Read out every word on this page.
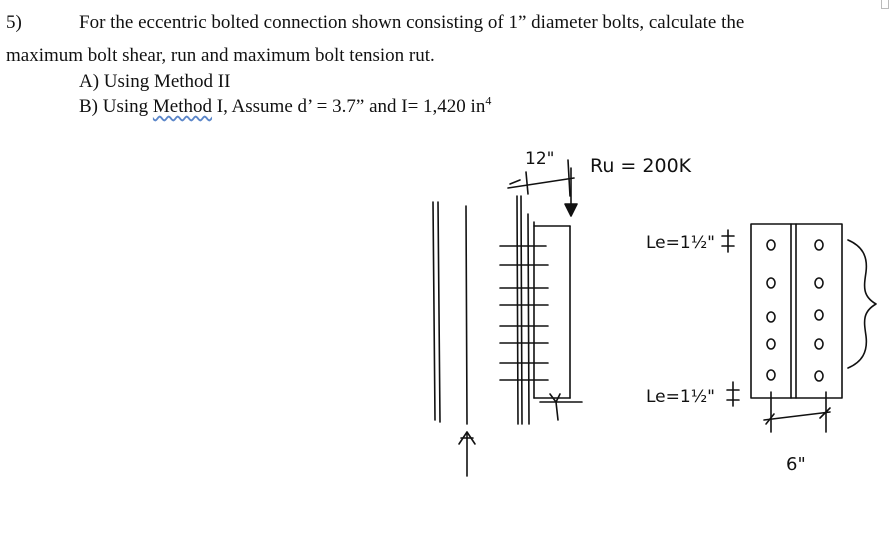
5)	For the eccentric bolted connection shown consisting of 1” diameter bolts, calculate the
maximum bolt shear, run and maximum bolt tension rut.
A) Using Method II
B) Using Method I, Assume d’ = 3.7” and I= 1,420 $in^4$
12" Ru = 200K
Le=1½"
Le=1½"
6"
